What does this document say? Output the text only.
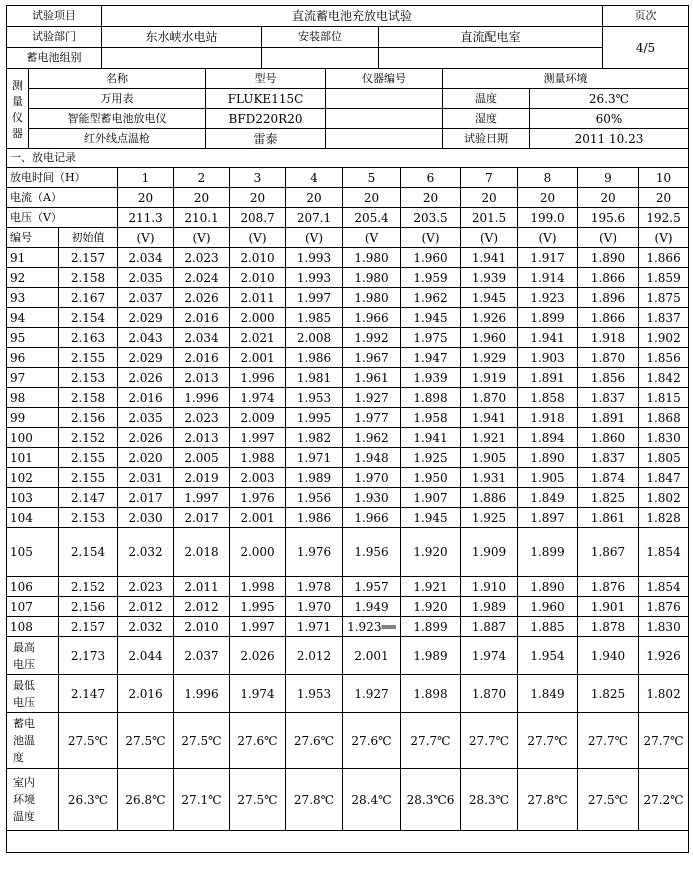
试验项目	直流蓄电池充放电试验			页次
试验部门	东水峡水电站	安装部位	直流配电室	4/5
蓄电池组别				
测量仪器	名称	型号	仪器编号	测量环境	
	万用表	FLUKE115C		温度	26.3℃
	智能型蓄电池放电仪	BFD220R20		湿度	60%
	红外线点温枪	雷泰		试验日期	2011 10.23
一、放电记录											
放电时间（H）		1	2	3	4	5	6	7	8	9	10
电流（A）		20	20	20	20	20	20	20	20	20	20
电压（V）		211.3	210.1	208.7	207.1	205.4	203.5	201.5	199.0	195.6	192.5
编号	初始值	(V)	(V)	(V)	(V)	(V	(V)	(V)	(V)	(V)	(V)
91	2.157	2.034	2.023	2.010	1.993	1.980	1.960	1.941	1.917	1.890	1.866
92	2.158	2.035	2.024	2.010	1.993	1.980	1.959	1.939	1.914	1.866	1.859
93	2.167	2.037	2.026	2.011	1.997	1.980	1.962	1.945	1.923	1.896	1.875
94	2.154	2.029	2.016	2.000	1.985	1.966	1.945	1.926	1.899	1.866	1.837
95	2.163	2.043	2.034	2.021	2.008	1.992	1.975	1.960	1.941	1.918	1.902
96	2.155	2.029	2.016	2.001	1.986	1.967	1.947	1.929	1.903	1.870	1.856
97	2.153	2.026	2.013	1.996	1.981	1.961	1.939	1.919	1.891	1.856	1.842
98	2.158	2.016	1.996	1.974	1.953	1.927	1.898	1.870	1.858	1.837	1.815
99	2.156	2.035	2.023	2.009	1.995	1.977	1.958	1.941	1.918	1.891	1.868
100	2.152	2.026	2.013	1.997	1.982	1.962	1.941	1.921	1.894	1.860	1.830
101	2.155	2.020	2.005	1.988	1.971	1.948	1.925	1.905	1.890	1.837	1.805
102	2.155	2.031	2.019	2.003	1.989	1.970	1.950	1.931	1.905	1.874	1.847
103	2.147	2.017	1.997	1.976	1.956	1.930	1.907	1.886	1.849	1.825	1.802
104	2.153	2.030	2.017	2.001	1.986	1.966	1.945	1.925	1.897	1.861	1.828
105	2.154	2.032	2.018	2.000	1.976	1.956	1.920	1.909	1.899	1.867	1.854
106	2.152	2.023	2.011	1.998	1.978	1.957	1.921	1.910	1.890	1.876	1.854
107	2.156	2.012	2.012	1.995	1.970	1.949	1.920	1.989	1.960	1.901	1.876
108	2.157	2.032	2.010	1.997	1.971	1.923══	1.899	1.887	1.885	1.878	1.830
最高电压	2.173	2.044	2.037	2.026	2.012	2.001	1.989	1.974	1.954	1.940	1.926
最低电压	2.147	2.016	1.996	1.974	1.953	1.927	1.898	1.870	1.849	1.825	1.802
蓄电池温度	27.5℃	27.5℃	27.5℃	27.6℃	27.6℃	27.6℃	27.7℃	27.7℃	27.7℃	27.7℃	27.7℃
室内环境温度	26.3℃	26.8℃	27.1℃	27.5℃	27.8℃	28.4℃	28.3℃6	28.3℃	27.8℃	27.5℃	27.2℃
